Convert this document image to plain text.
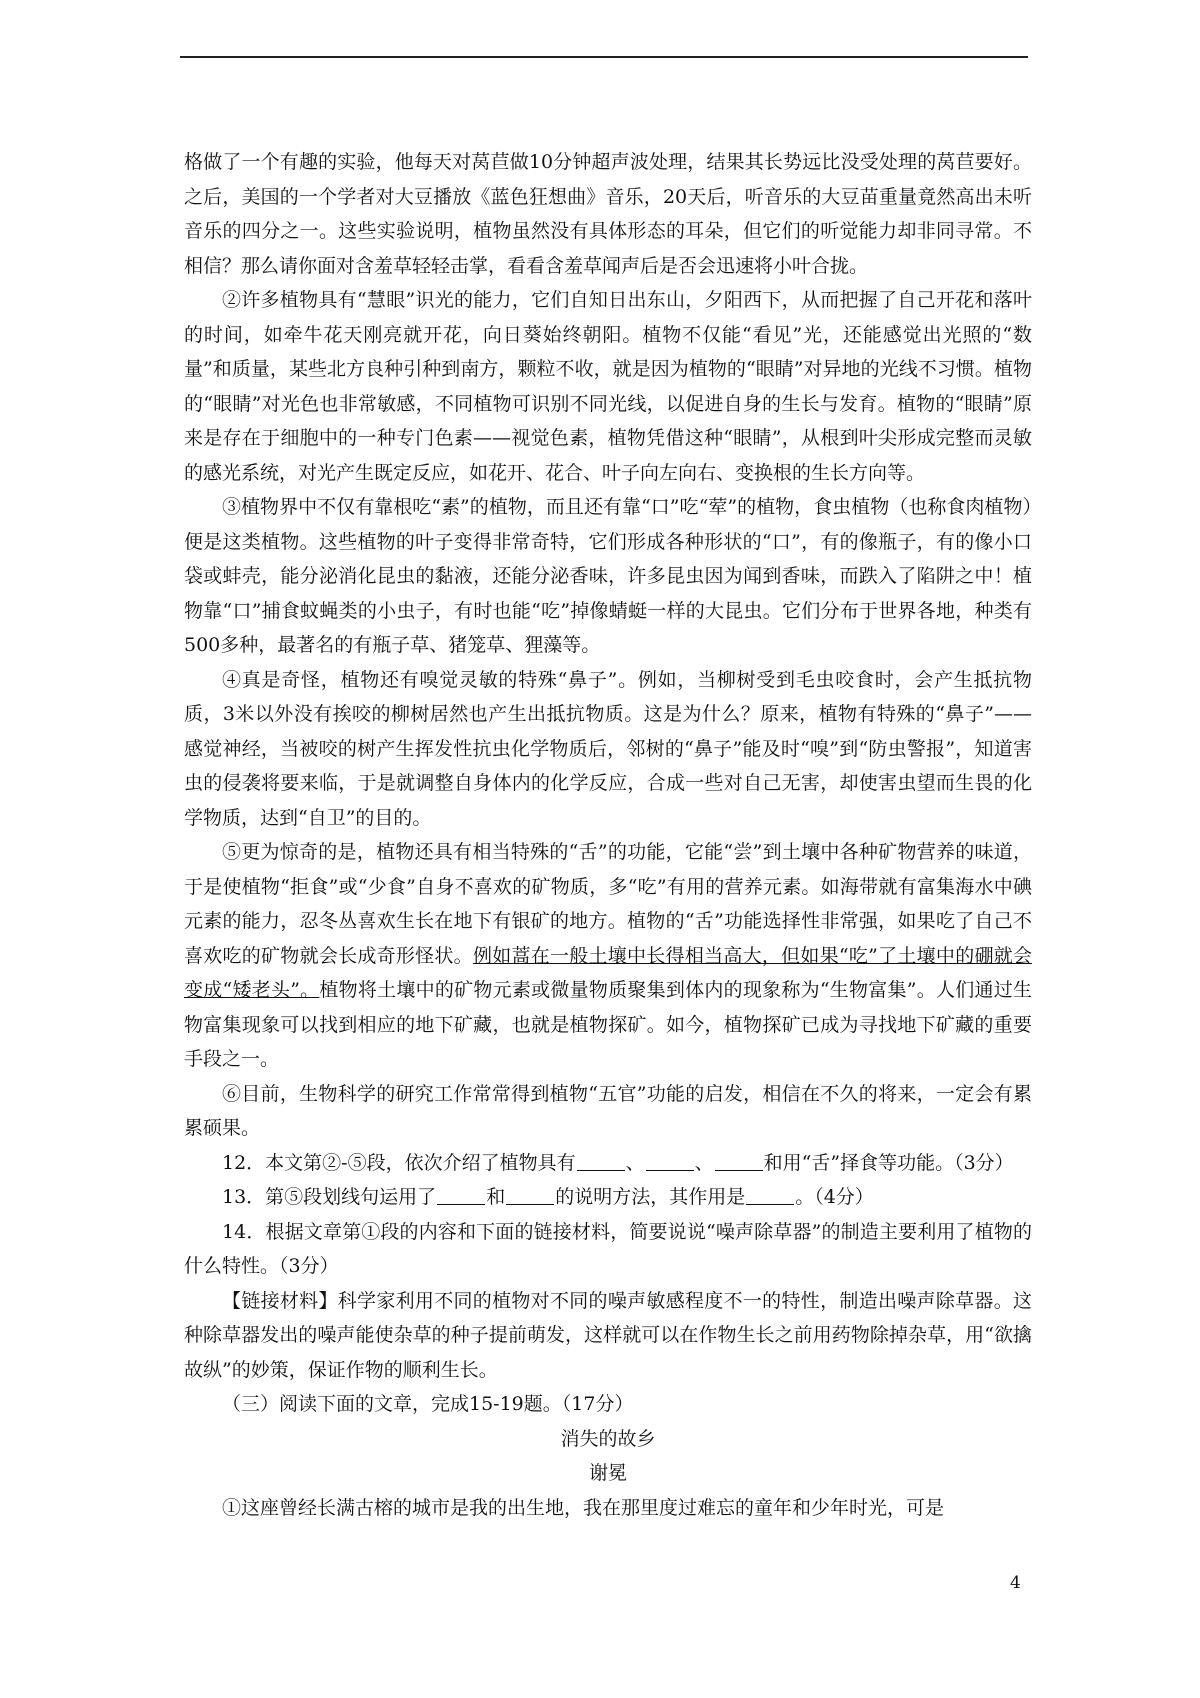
格做了一个有趣的实验，他每天对莴苣做10分钟超声波处理，结果其长势远比没受处理的莴苣要好。之后，美国的一个学者对大豆播放《蓝色狂想曲》音乐，20天后，听音乐的大豆苗重量竟然高出未听音乐的四分之一。这些实验说明，植物虽然没有具体形态的耳朵，但它们的听觉能力却非同寻常。不相信？那么请你面对含羞草轻轻击掌，看看含羞草闻声后是否会迅速将小叶合拢。

②许多植物具有“慧眼”识光的能力，它们自知日出东山，夕阳西下，从而把握了自己开花和落叶的时间，如牵牛花天刚亮就开花，向日葵始终朝阳。植物不仅能“看见”光，还能感觉出光照的“数量”和质量，某些北方良种引种到南方，颗粒不收，就是因为植物的“眼睛”对异地的光线不习惯。植物的“眼睛”对光色也非常敏感，不同植物可识别不同光线，以促进自身的生长与发育。植物的“眼睛”原来是存在于细胞中的一种专门色素——视觉色素，植物凭借这种“眼睛”，从根到叶尖形成完整而灵敏的感光系统，对光产生既定反应，如花开、花合、叶子向左向右、变换根的生长方向等。

③植物界中不仅有靠根吃“素”的植物，而且还有靠“口”吃“荤”的植物，食虫植物（也称食肉植物）便是这类植物。这些植物的叶子变得非常奇特，它们形成各种形状的“口”，有的像瓶子，有的像小口袋或蚌壳，能分泌消化昆虫的黏液，还能分泌香味，许多昆虫因为闻到香味，而跌入了陷阱之中！植物靠“口”捕食蚊蝇类的小虫子，有时也能“吃”掉像蜻蜓一样的大昆虫。它们分布于世界各地，种类有500多种，最著名的有瓶子草、猪笼草、狸藻等。

④真是奇怪，植物还有嗅觉灵敏的特殊“鼻子”。例如，当柳树受到毛虫咬食时，会产生抵抗物质，3米以外没有挨咬的柳树居然也产生出抵抗物质。这是为什么？原来，植物有特殊的“鼻子”——感觉神经，当被咬的树产生挥发性抗虫化学物质后，邻树的“鼻子”能及时“嗅”到“防虫警报”，知道害虫的侵袭将要来临，于是就调整自身体内的化学反应，合成一些对自己无害，却使害虫望而生畏的化学物质，达到“自卫”的目的。

⑤更为惊奇的是，植物还具有相当特殊的“舌”的功能，它能“尝”到土壤中各种矿物营养的味道，于是使植物“拒食”或“少食”自身不喜欢的矿物质，多“吃”有用的营养元素。如海带就有富集海水中碘元素的能力，忍冬丛喜欢生长在地下有银矿的地方。植物的“舌”功能选择性非常强，如果吃了自己不喜欢吃的矿物就会长成奇形怪状。例如蒿在一般土壤中长得相当高大，但如果“吃”了土壤中的硼就会变成“矮老头”。植物将土壤中的矿物元素或微量物质聚集到体内的现象称为“生物富集”。人们通过生物富集现象可以找到相应的地下矿藏，也就是植物探矿。如今，植物探矿已成为寻找地下矿藏的重要手段之一。

⑥目前，生物科学的研究工作常常得到植物“五官”功能的启发，相信在不久的将来，一定会有累累硕果。

12．本文第②-⑤段，依次介绍了植物具有	、	、	和用“舌”择食等功能。（3分）

13．第⑤段划线句运用了	和	的说明方法，其作用是	。（4分）

14．根据文章第①段的内容和下面的链接材料，简要说说“噪声除草器”的制造主要利用了植物的什么特性。（3分）

【链接材料】科学家利用不同的植物对不同的噪声敏感程度不一的特性，制造出噪声除草器。这种除草器发出的噪声能使杂草的种子提前萌发，这样就可以在作物生长之前用药物除掉杂草，用“欲擒故纵”的妙策，保证作物的顺利生长。

（三）阅读下面的文章，完成15-19题。（17分）

消失的故乡

谢冕

①这座曾经长满古榕的城市是我的出生地，我在那里度过难忘的童年和少年时光，可是

4
